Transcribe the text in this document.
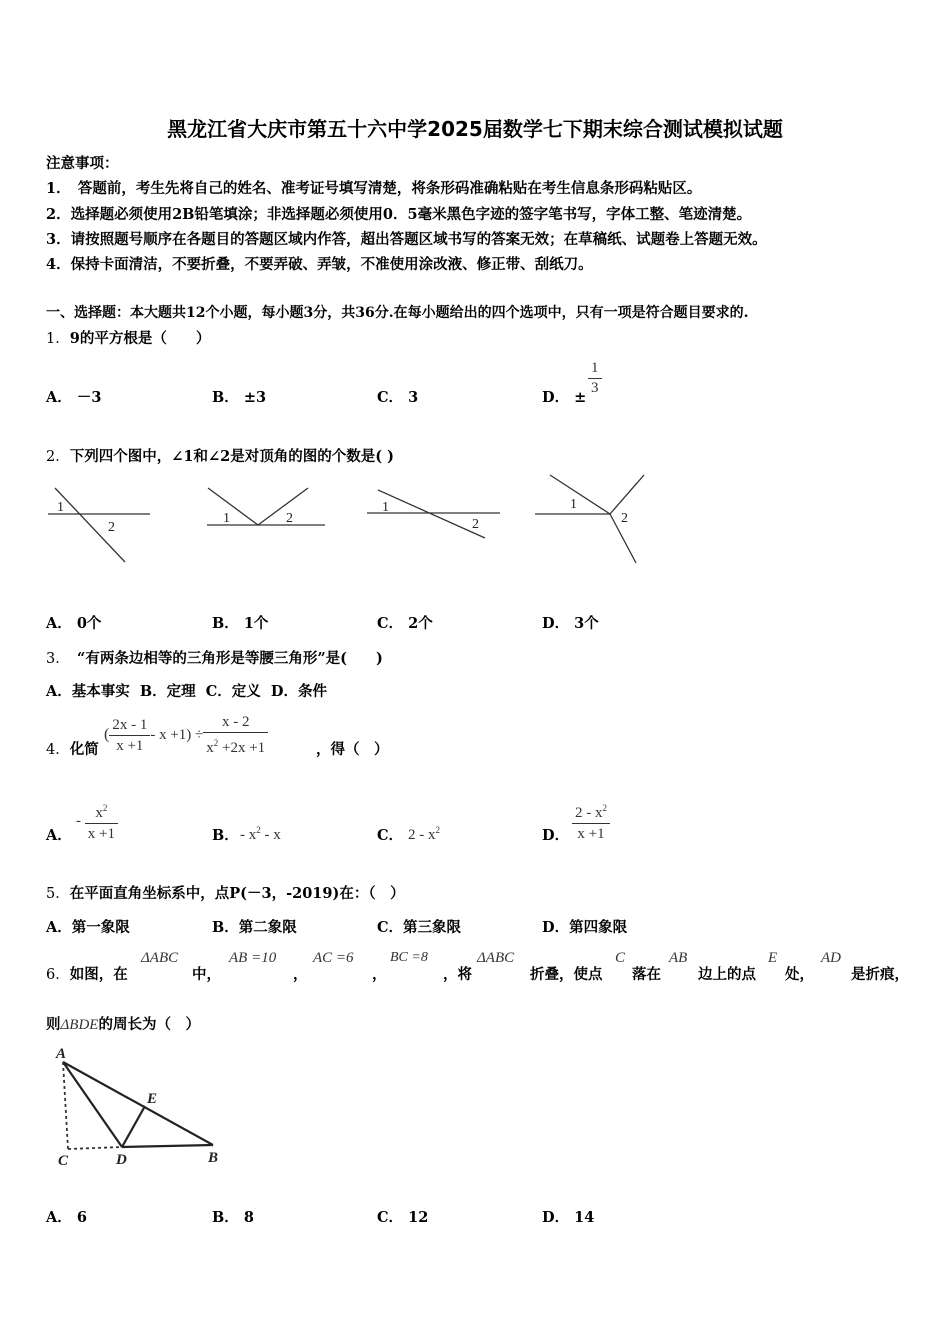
黑龙江省大庆市第五十六中学2025届数学七下期末综合测试模拟试题
注意事项：
1．　答题前，考生先将自己的姓名、准考证号填写清楚，将条形码准确粘贴在考生信息条形码粘贴区。
2．选择题必须使用2B铅笔填涂；非选择题必须使用0．5毫米黑色字迹的签字笔书写，字体工整、笔迹清楚。
3．请按照题号顺序在各题目的答题区域内作答，超出答题区域书写的答案无效；在草稿纸、试题卷上答题无效。
4．保持卡面清洁，不要折叠，不要弄破、弄皱，不准使用涂改液、修正带、刮纸刀。
一、选择题：本大题共12个小题，每小题3分，共36分.在每小题给出的四个选项中，只有一项是符合题目要求的.
1．9的平方根是（　　）
A． －3	B． ±3	C． 3	D． ± $\frac{1}{3}$
2．下列四个图中，∠1和∠2是对顶角的图的个数是( )
1
2
1	2
1
2
1
2
A． 0个	B． 1个	C． 2个	D． 3个
3．　“有两条边相等的三角形是等腰三角形”是(　　)
A．基本事实 B．定理 C．定义 D．条件
4．化简
( $\frac{2x - 1}{x +1} - x +1) \div \frac{x - 2}{x^2 +2x +1}$	，得（　）
A．
- $\frac{x^2}{x +1}$	B． - $x^2$ - x	C． $2 - x^2$	D． $\frac{2 - x^2}{x +1}$
5．在平面直角坐标系中，点P(－3，-2019)在：（　）
A．第一象限	B．第二象限	C．第三象限	D．第四象限
6．如图，在
ΔABC
中，
AB =10
，
AC =6
，
BC =8
，将
ΔABC
折叠，使点
C
落在
AB
边上的点
E
处，
AD
是折痕，
则ΔBDE的周长为（　）
A
E
C	D	B
A． 6	B． 8	C． 12	D． 14
